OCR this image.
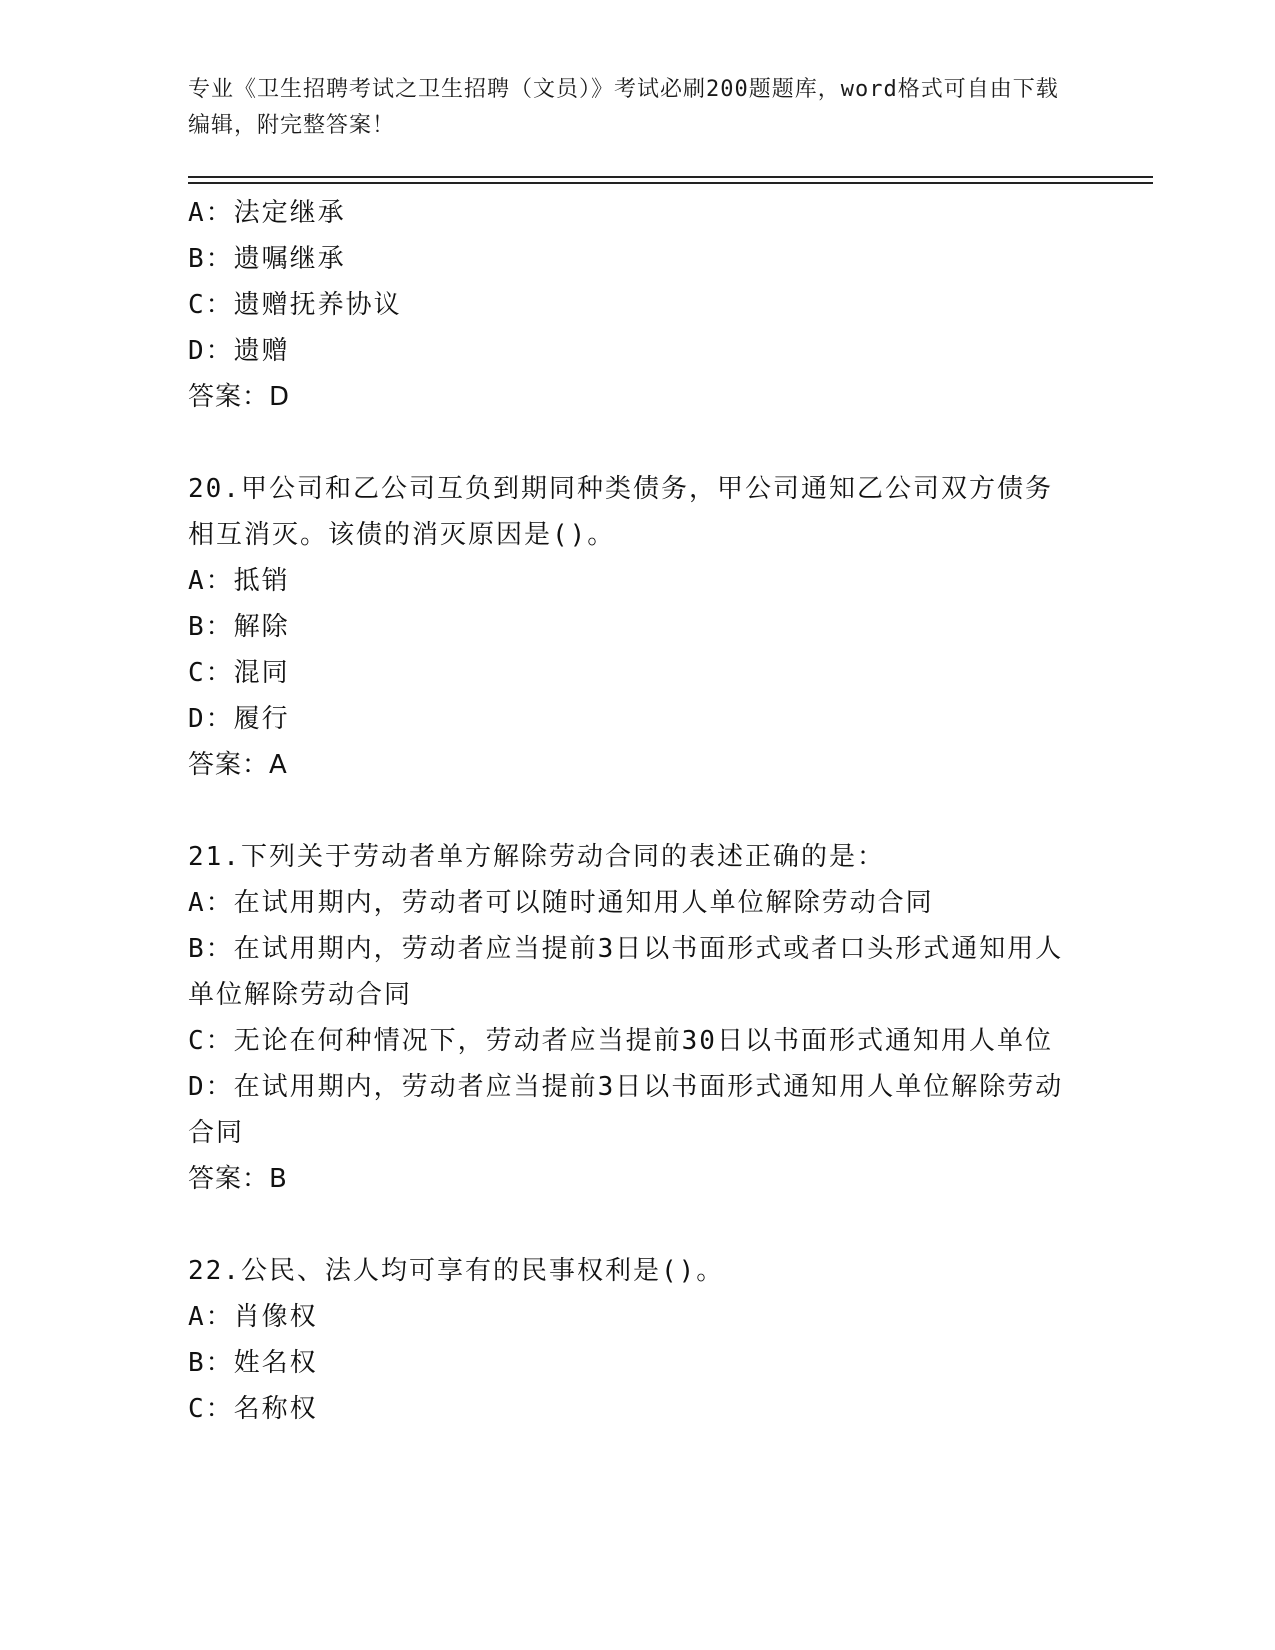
专业《卫生招聘考试之卫生招聘（文员）》考试必刷200题题库，word格式可自由下载编辑，附完整答案！
A：法定继承
B：遗嘱继承
C：遗赠抚养协议
D：遗赠
答案：D
20.甲公司和乙公司互负到期同种类债务，甲公司通知乙公司双方债务相互消灭。该债的消灭原因是()。
A：抵销
B：解除
C：混同
D：履行
答案：A
21.下列关于劳动者单方解除劳动合同的表述正确的是：
A：在试用期内，劳动者可以随时通知用人单位解除劳动合同
B：在试用期内，劳动者应当提前3日以书面形式或者口头形式通知用人单位解除劳动合同
C：无论在何种情况下，劳动者应当提前30日以书面形式通知用人单位
D：在试用期内，劳动者应当提前3日以书面形式通知用人单位解除劳动合同
答案：B
22.公民、法人均可享有的民事权利是()。
A：肖像权
B：姓名权
C：名称权
